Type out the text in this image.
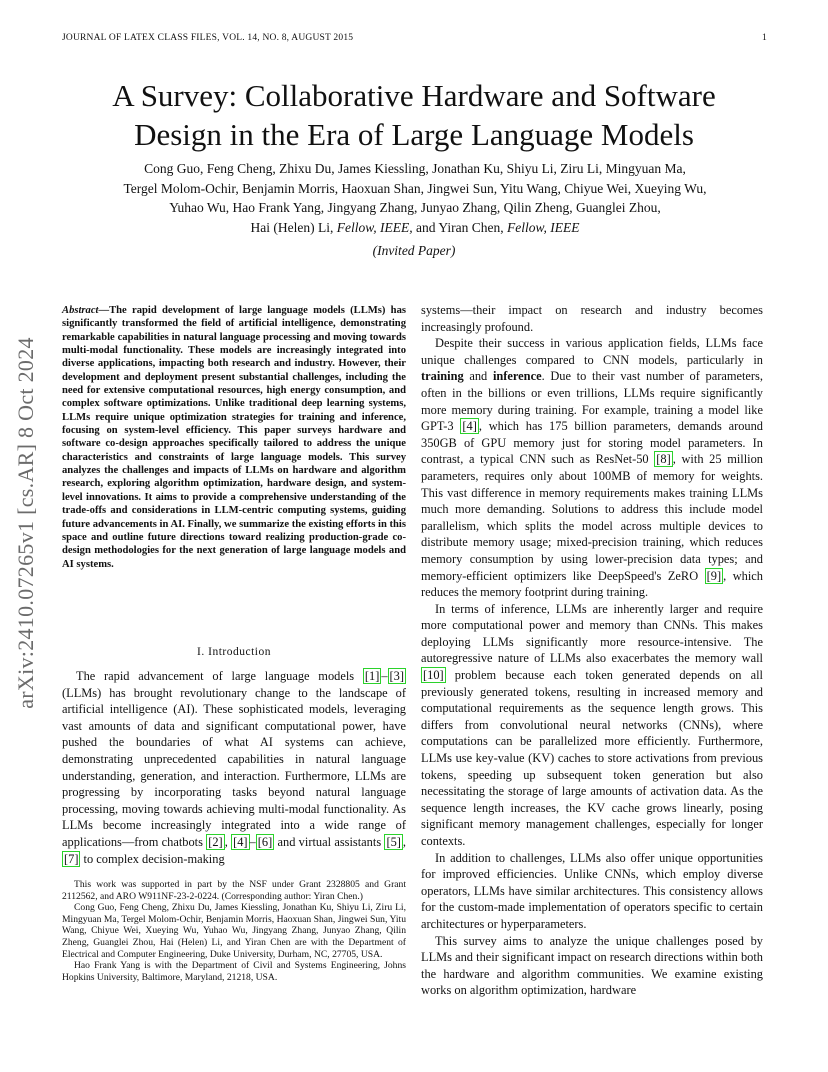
JOURNAL OF LATEX CLASS FILES, VOL. 14, NO. 8, AUGUST 2015	1
A Survey: Collaborative Hardware and Software
Design in the Era of Large Language Models
Cong Guo, Feng Cheng, Zhixu Du, James Kiessling, Jonathan Ku, Shiyu Li, Ziru Li, Mingyuan Ma,
Tergel Molom-Ochir, Benjamin Morris, Haoxuan Shan, Jingwei Sun, Yitu Wang, Chiyue Wei, Xueying Wu,
Yuhao Wu, Hao Frank Yang, Jingyang Zhang, Junyao Zhang, Qilin Zheng, Guanglei Zhou,
Hai (Helen) Li, Fellow, IEEE, and Yiran Chen, Fellow, IEEE
(Invited Paper)
arXiv:2410.07265v1 [cs.AR] 8 Oct 2024
Abstract—The rapid development of large language models (LLMs) has significantly transformed the field of artificial intelligence, demonstrating remarkable capabilities in natural language processing and moving towards multi-modal functionality. These models are increasingly integrated into diverse applications, impacting both research and industry. However, their development and deployment present substantial challenges, including the need for extensive computational resources, high energy consumption, and complex software optimizations. Unlike traditional deep learning systems, LLMs require unique optimization strategies for training and inference, focusing on system-level efficiency. This paper surveys hardware and software co-design approaches specifically tailored to address the unique characteristics and constraints of large language models. This survey analyzes the challenges and impacts of LLMs on hardware and algorithm research, exploring algorithm optimization, hardware design, and system-level innovations. It aims to provide a comprehensive understanding of the trade-offs and considerations in LLM-centric computing systems, guiding future advancements in AI. Finally, we summarize the existing efforts in this space and outline future directions toward realizing production-grade co-design methodologies for the next generation of large language models and AI systems.
I. Introduction

The rapid advancement of large language models [1] – [3] (LLMs) has brought revolutionary change to the landscape of artificial intelligence (AI). These sophisticated models, leveraging vast amounts of data and significant computational power, have pushed the boundaries of what AI systems can achieve, demonstrating unprecedented capabilities in natural language understanding, generation, and interaction. Furthermore, LLMs are progressing by incorporating tasks beyond natural language processing, moving towards achieving multi-modal functionality. As LLMs become increasingly integrated into a wide range of applications—from chatbots [2] , [4] – [6] and virtual assistants [5] , [7] to complex decision-making

This work was supported in part by the NSF under Grant 2328805 and Grant 2112562, and ARO W911NF-23-2-0224. (Corresponding author: Yiran Chen.)

Cong Guo, Feng Cheng, Zhixu Du, James Kiessling, Jonathan Ku, Shiyu Li, Ziru Li, Mingyuan Ma, Tergel Molom-Ochir, Benjamin Morris, Haoxuan Shan, Jingwei Sun, Yitu Wang, Chiyue Wei, Xueying Wu, Yuhao Wu, Jingyang Zhang, Junyao Zhang, Qilin Zheng, Guanglei Zhou, Hai (Helen) Li, and Yiran Chen are with the Department of Electrical and Computer Engineering, Duke University, Durham, NC, 27705, USA.

Hao Frank Yang is with the Department of Civil and Systems Engineering, Johns Hopkins University, Baltimore, Maryland, 21218, USA.

systems—their impact on research and industry becomes increasingly profound.

Despite their success in various application fields, LLMs face unique challenges compared to CNN models, particularly in training and inference. Due to their vast number of parameters, often in the billions or even trillions, LLMs require significantly more memory during training. For example, training a model like GPT-3 [4] , which has 175 billion parameters, demands around 350GB of GPU memory just for storing model parameters. In contrast, a typical CNN such as ResNet-50 [8] , with 25 million parameters, requires only about 100MB of memory for weights. This vast difference in memory requirements makes training LLMs much more demanding. Solutions to address this include model parallelism, which splits the model across multiple devices to distribute memory usage; mixed-precision training, which reduces memory consumption by using lower-precision data types; and memory-efficient optimizers like DeepSpeed's ZeRO [9] , which reduces the memory footprint during training.

In terms of inference, LLMs are inherently larger and require more computational power and memory than CNNs. This makes deploying LLMs significantly more resource-intensive. The autoregressive nature of LLMs also exacerbates the memory wall [10] problem because each token generated depends on all previously generated tokens, resulting in increased memory and computational requirements as the sequence length grows. This differs from convolutional neural networks (CNNs), where computations can be parallelized more efficiently. Furthermore, LLMs use key-value (KV) caches to store activations from previous tokens, speeding up subsequent token generation but also necessitating the storage of large amounts of activation data. As the sequence length increases, the KV cache grows linearly, posing significant memory management challenges, especially for longer contexts.

In addition to challenges, LLMs also offer unique opportunities for improved efficiencies. Unlike CNNs, which employ diverse operators, LLMs have similar architectures. This consistency allows for the custom-made implementation of operators specific to certain architectures or hyperparameters.

This survey aims to analyze the unique challenges posed by LLMs and their significant impact on research directions within both the hardware and algorithm communities. We examine existing works on algorithm optimization, hardware
